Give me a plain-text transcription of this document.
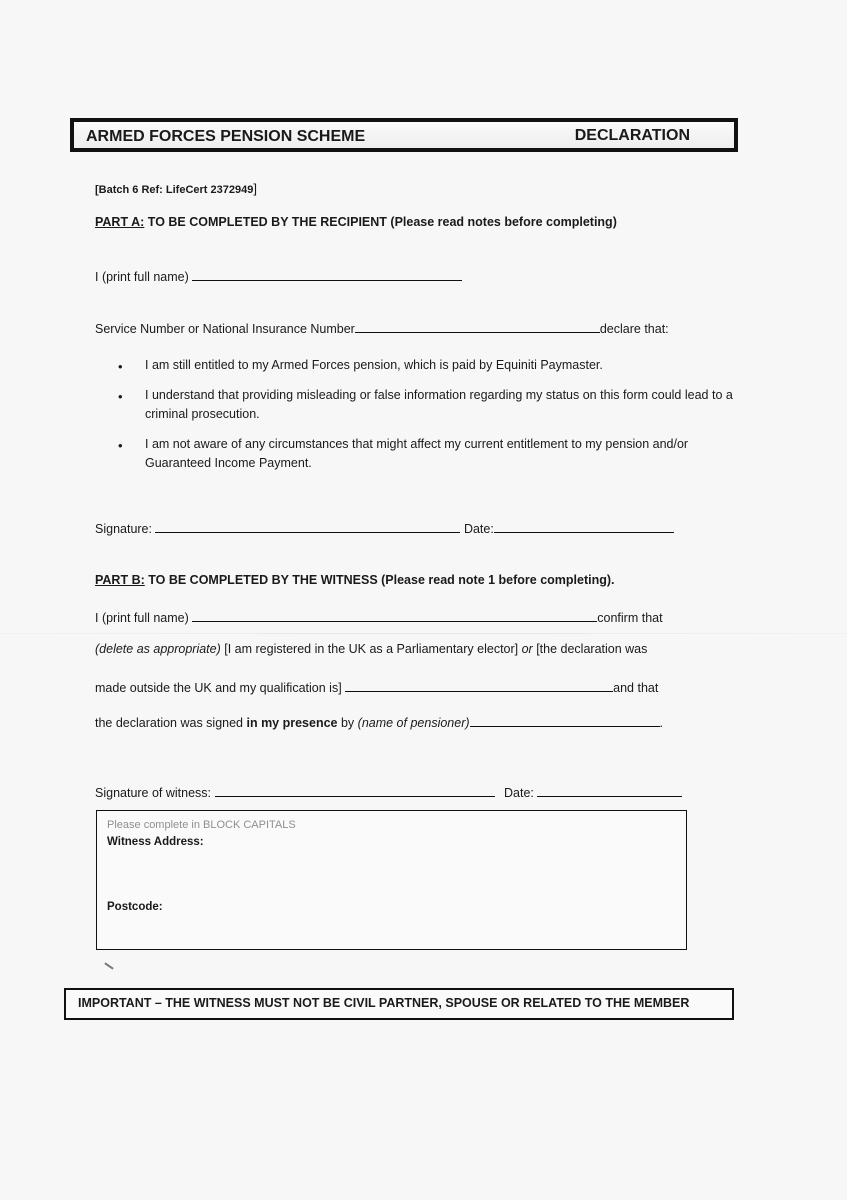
ARMED FORCES PENSION SCHEME	DECLARATION
[Batch 6 Ref: LifeCert 2372949]
PART A: TO BE COMPLETED BY THE RECIPIENT (Please read notes before completing)
I (print full name)
Service Number or National Insurance Number	declare that:
• I am still entitled to my Armed Forces pension, which is paid by Equiniti Paymaster.
• I understand that providing misleading or false information regarding my status on this form could lead to a criminal prosecution.
• I am not aware of any circumstances that might affect my current entitlement to my pension and/or Guaranteed Income Payment.
Signature:	Date:
PART B: TO BE COMPLETED BY THE WITNESS (Please read note 1 before completing).
I (print full name)	confirm that
(delete as appropriate) [I am registered in the UK as a Parliamentary elector] or [the declaration was
made outside the UK and my qualification is]	and that
the declaration was signed in my presence by (name of pensioner)	.
Signature of witness:	Date:
Please complete in BLOCK CAPITALS
Witness Address:
Postcode:
IMPORTANT – THE WITNESS MUST NOT BE CIVIL PARTNER, SPOUSE OR RELATED TO THE MEMBER
